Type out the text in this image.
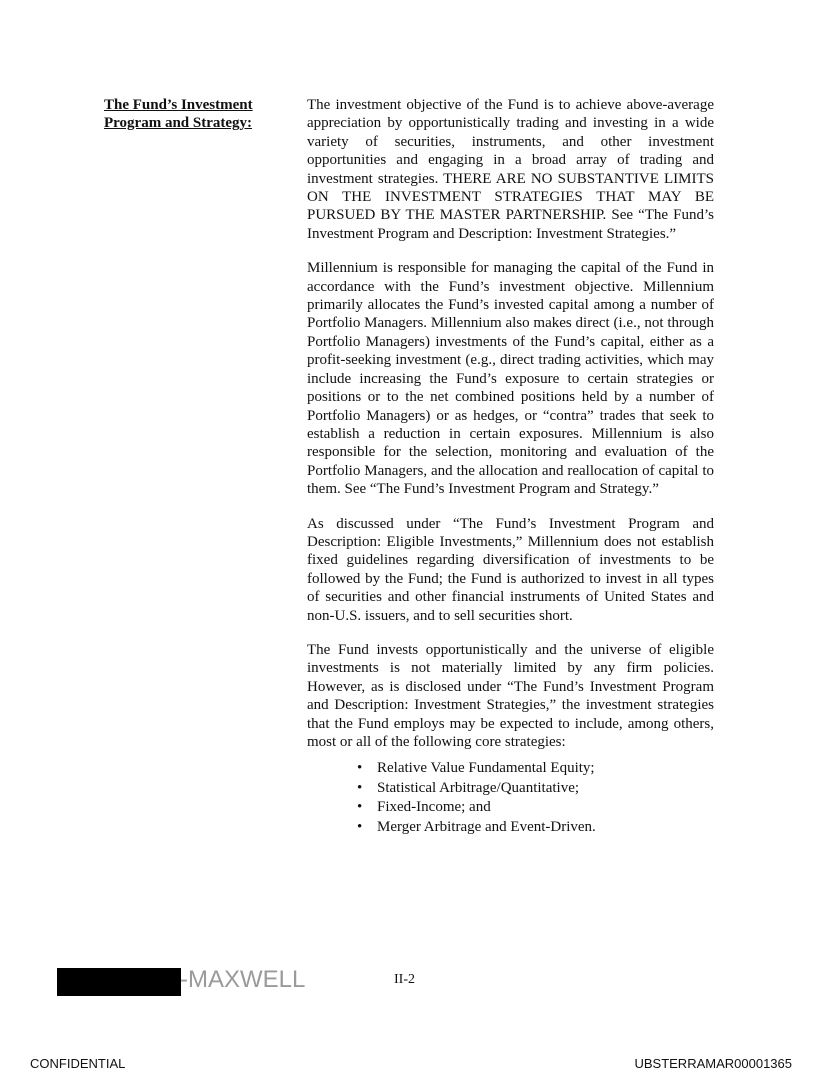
The Fund’s Investment
Program and Strategy:

The investment objective of the Fund is to achieve above-average appreciation by opportunistically trading and investing in a wide variety of securities, instruments, and other investment opportunities and engaging in a broad array of trading and investment strategies. THERE ARE NO SUBSTANTIVE LIMITS ON THE INVESTMENT STRATEGIES THAT MAY BE PURSUED BY THE MASTER PARTNERSHIP. See “The Fund’s Investment Program and Description: Investment Strategies.”

Millennium is responsible for managing the capital of the Fund in accordance with the Fund’s investment objective. Millennium primarily allocates the Fund’s invested capital among a number of Portfolio Managers. Millennium also makes direct (i.e., not through Portfolio Managers) investments of the Fund’s capital, either as a profit-seeking investment (e.g., direct trading activities, which may include increasing the Fund’s exposure to certain strategies or positions or to the net combined positions held by a number of Portfolio Managers) or as hedges, or “contra” trades that seek to establish a reduction in certain exposures. Millennium is also responsible for the selection, monitoring and evaluation of the Portfolio Managers, and the allocation and reallocation of capital to them. See “The Fund’s Investment Program and Strategy.”

As discussed under “The Fund’s Investment Program and Description: Eligible Investments,” Millennium does not establish fixed guidelines regarding diversification of investments to be followed by the Fund; the Fund is authorized to invest in all types of securities and other financial instruments of United States and non-U.S. issuers, and to sell securities short.

The Fund invests opportunistically and the universe of eligible investments is not materially limited by any firm policies. However, as is disclosed under “The Fund’s Investment Program and Description: Investment Strategies,” the investment strategies that the Fund employs may be expected to include, among others, most or all of the following core strategies:

• Relative Value Fundamental Equity;
• Statistical Arbitrage/Quantitative;
• Fixed-Income; and
• Merger Arbitrage and Event-Driven.
-MAXWELL	II-2
CONFIDENTIAL	UBSTERRAMAR00001365
